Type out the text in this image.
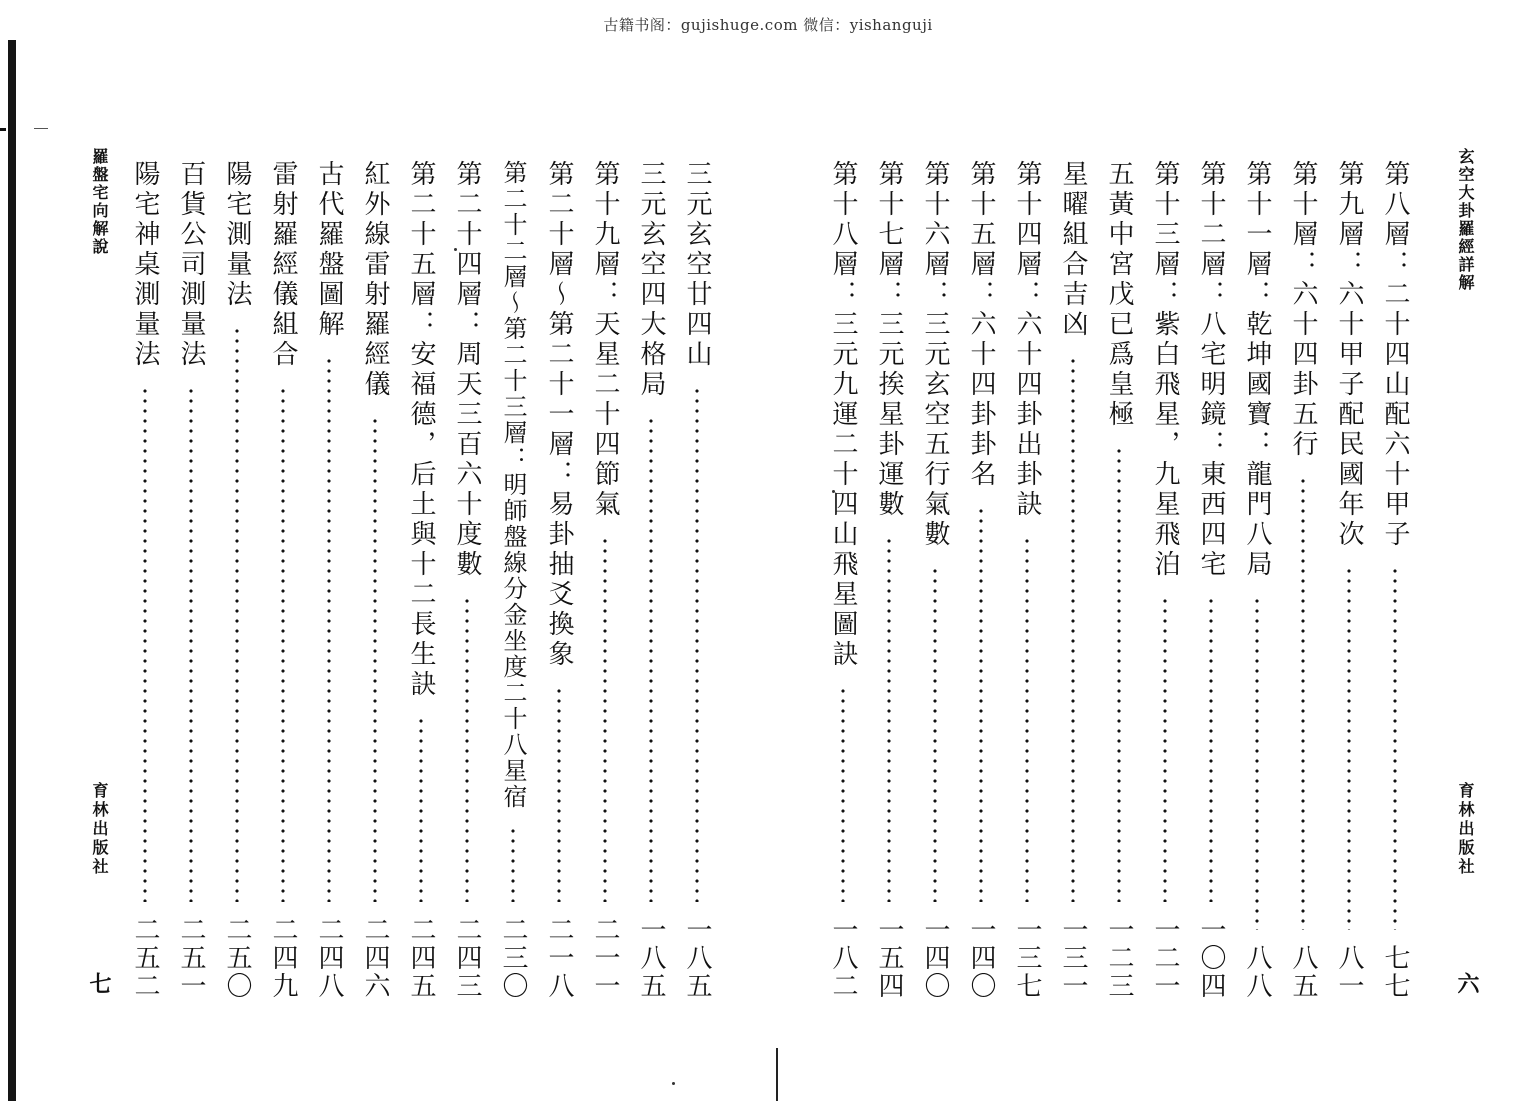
古籍书阁：gujishuge.com 微信：yishanguji
玄空大卦羅經詳解
育林出版社
六
第八層：二十四山配六十甲子
七七
第九層：六十甲子配民國年次
八一
第十層：六十四卦五行
八五
第十一層：乾坤國寶：龍門八局
八八
第十二層：八宅明鏡：東西四宅
一〇四
第十三層：紫白飛星，九星飛泊
一二一
五黃中宮戊已爲皇極
一二三
星曜組合吉凶
一三一
第十四層：六十四卦出卦訣
一三七
第十五層：六十四卦卦名
一四〇
第十六層：三元玄空五行氣數
一四〇
第十七層：三元挨星卦運數
一五四
第十八層：三元九運二十四山飛星圖訣
一八二
羅盤宅向解說
育林出版社
七
三元玄空廿四山
一八五
三元玄空四大格局
一八五
第十九層：天星二十四節氣
二一一
第二十層～第二十一層：易卦抽爻換象
二一八
第二十二層～第二十三層：明師盤線分金坐度二十八星宿
二三〇
第二十四層：周天三百六十度數
二四三
第二十五層：安福德，后土與十二長生訣
二四五
紅外線雷射羅經儀
二四六
古代羅盤圖解
二四八
雷射羅經儀組合
二四九
陽宅測量法
二五〇
百貨公司測量法
二五一
陽宅神桌測量法
二五二
